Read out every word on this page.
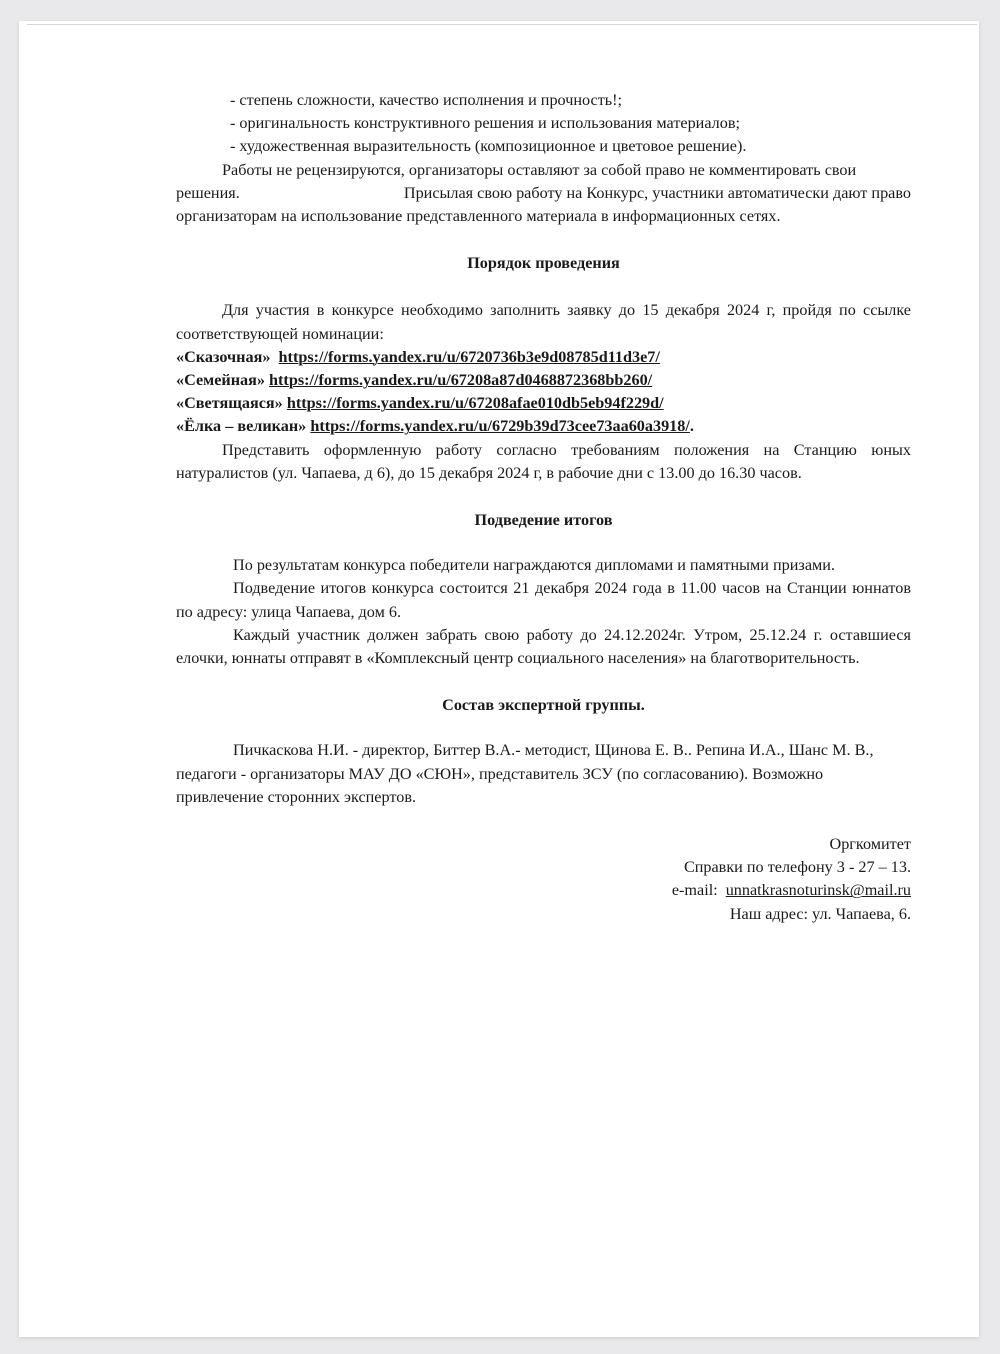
- степень сложности, качество исполнения и прочность!;

- оригинальность конструктивного решения и использования материалов;

- художественная выразительность (композиционное и цветовое решение).

Работы не рецензируются, организаторы оставляют за собой право не комментировать свои

решения.	Присылая свою работу на Конкурс, участники автоматически дают право

организаторам на использование представленного материала в информационных сетях.

Порядок проведения

Для участия в конкурсе необходимо заполнить заявку до 15 декабря 2024 г, пройдя по ссылке соответствующей номинации:

«Сказочная» https://forms.yandex.ru/u/6720736b3e9d08785d11d3e7/

«Семейная» https://forms.yandex.ru/u/67208a87d0468872368bb260/

«Светящаяся» https://forms.yandex.ru/u/67208afae010db5eb94f229d/

«Ёлка – великан» https://forms.yandex.ru/u/6729b39d73cee73aa60a3918/.

Представить оформленную работу согласно требованиям положения на Станцию юных натуралистов (ул. Чапаева, д 6), до 15 декабря 2024 г, в рабочие дни с 13.00 до 16.30 часов.

Подведение итогов

По результатам конкурса победители награждаются дипломами и памятными призами.

Подведение итогов конкурса состоится 21 декабря 2024 года в 11.00 часов на Станции юннатов по адресу: улица Чапаева, дом 6.

Каждый участник должен забрать свою работу до 24.12.2024г. Утром, 25.12.24 г. оставшиеся елочки, юннаты отправят в «Комплексный центр социального населения» на благотворительность.

Состав экспертной группы.

Пичкаскова Н.И. - директор, Биттер В.А.- методист, Щинова Е. В.. Репина И.А., Шанс М. В., педагоги - организаторы МАУ ДО «СЮН», представитель ЗСУ (по согласованию). Возможно привлечение сторонних экспертов.

Оргкомитет

Справки по телефону 3 - 27 – 13.

e-mail: unnatkrasnoturinsk@mail.ru

Наш адрес: ул. Чапаева, 6.
